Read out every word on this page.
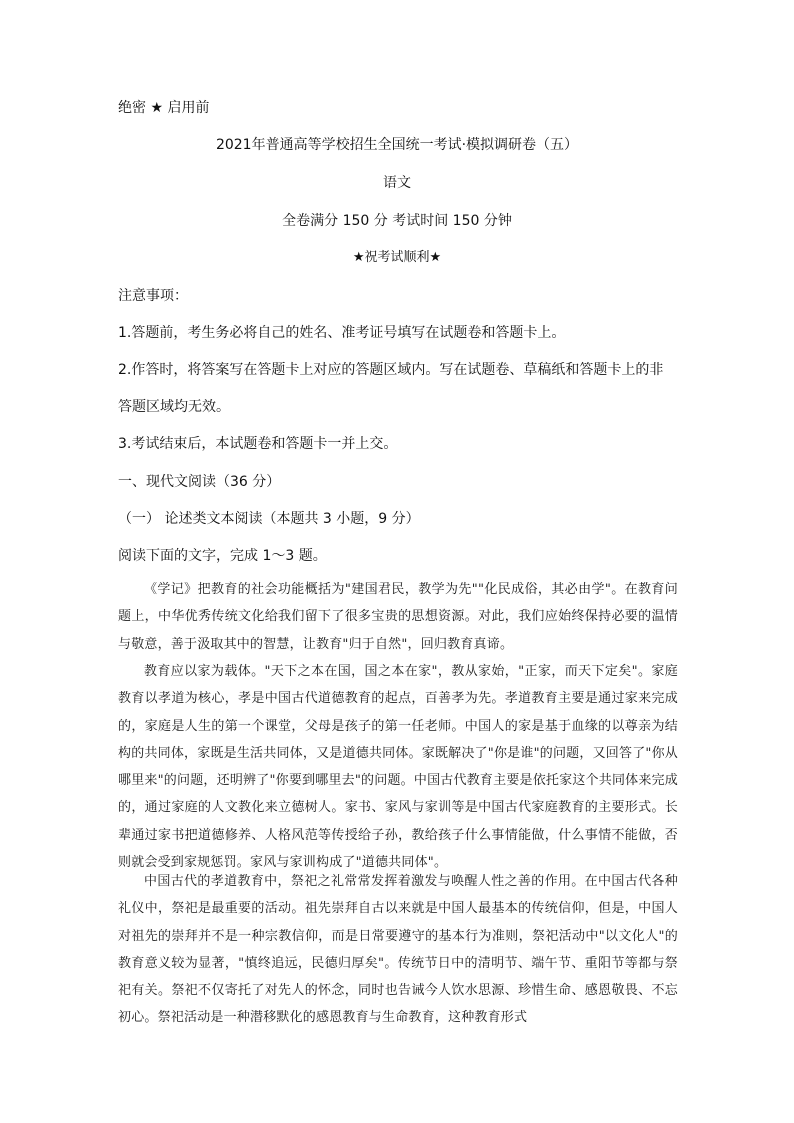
绝密 ★ 启用前
2021年普通高等学校招生全国统一考试·模拟调研卷（五）
语文
全卷满分 150 分 考试时间 150 分钟
★祝考试顺利★
注意事项：
1.答题前，考生务必将自己的姓名、准考证号填写在试题卷和答题卡上。
2.作答时，将答案写在答题卡上对应的答题区域内。写在试题卷、草稿纸和答题卡上的非
答题区域均无效。
3.考试结束后，本试题卷和答题卡一并上交。
一、现代文阅读（36 分）
（一） 论述类文本阅读（本题共 3 小题，9 分）
阅读下面的文字，完成 1～3 题。
《学记》把教育的社会功能概括为"建国君民，教学为先""化民成俗，其必由学"。在教育问题上，中华优秀传统文化给我们留下了很多宝贵的思想资源。对此，我们应始终保持必要的温情与敬意，善于汲取其中的智慧，让教育"归于自然"，回归教育真谛。
教育应以家为载体。"天下之本在国，国之本在家"，教从家始，"正家，而天下定矣"。家庭教育以孝道为核心，孝是中国古代道德教育的起点，百善孝为先。孝道教育主要是通过家来完成的，家庭是人生的第一个课堂，父母是孩子的第一任老师。中国人的家是基于血缘的以尊亲为结构的共同体，家既是生活共同体，又是道德共同体。家既解决了"你是谁"的问题，又回答了"你从哪里来"的问题，还明辨了"你要到哪里去"的问题。中国古代教育主要是依托家这个共同体来完成的，通过家庭的人文教化来立德树人。家书、家风与家训等是中国古代家庭教育的主要形式。长辈通过家书把道德修养、人格风范等传授给子孙，教给孩子什么事情能做，什么事情不能做，否则就会受到家规惩罚。家风与家训构成了"道德共同体"。
中国古代的孝道教育中，祭祀之礼常常发挥着激发与唤醒人性之善的作用。在中国古代各种礼仪中，祭祀是最重要的活动。祖先崇拜自古以来就是中国人最基本的传统信仰，但是，中国人对祖先的崇拜并不是一种宗教信仰，而是日常要遵守的基本行为准则，祭祀活动中"以文化人"的教育意义较为显著，"慎终追远，民德归厚矣"。传统节日中的清明节、端午节、重阳节等都与祭祀有关。祭祀不仅寄托了对先人的怀念，同时也告诫今人饮水思源、珍惜生命、感恩敬畏、不忘初心。祭祀活动是一种潜移默化的感恩教育与生命教育，这种教育形式
